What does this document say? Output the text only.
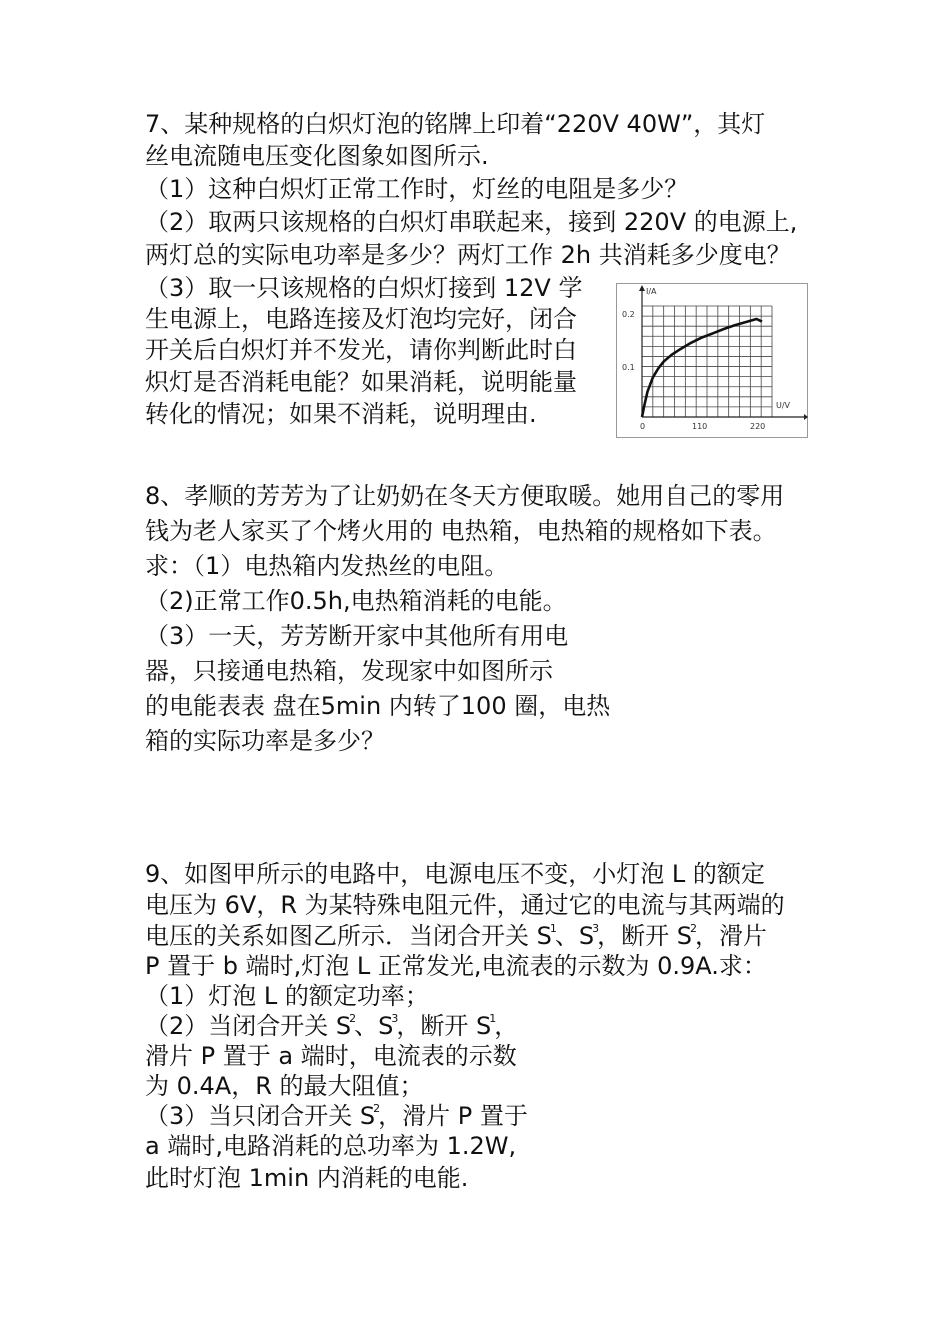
7、某种规格的白炽灯泡的铭牌上印着“220V 40W”，其灯
丝电流随电压变化图象如图所示.
（1）这种白炽灯正常工作时，灯丝的电阻是多少？
（2）取两只该规格的白炽灯串联起来，接到 220V 的电源上,
两灯总的实际电功率是多少？两灯工作 2h 共消耗多少度电？
（3）取一只该规格的白炽灯接到 12V 学
生电源上，电路连接及灯泡均完好，闭合
开关后白炽灯并不发光，请你判断此时白
炽灯是否消耗电能？如果消耗，说明能量
转化的情况；如果不消耗，说明理由.
I/A
U/V
0	110	220
0.1
0.2
8、孝顺的芳芳为了让奶奶在冬天方便取暖。她用自己的零用
钱为老人家买了个烤火用的 电热箱，电热箱的规格如下表。
求：（1）电热箱内发热丝的电阻。
（2)正常工作0.5h,电热箱消耗的电能。
（3）一天，芳芳断开家中其他所有用电
器，只接通电热箱，发现家中如图所示
的电能表表 盘在5min 内转了100 圈，电热
箱的实际功率是多少？
9、如图甲所示的电路中，电源电压不变，小灯泡 L 的额定
电压为 6V，R 为某特殊电阻元件，通过它的电流与其两端的
电压的关系如图乙所示．当闭合开关 $S^1$、$S^3$，断开 $S^2$，滑片
P 置于 b 端时,灯泡 L 正常发光,电流表的示数为 0.9A.求：
（1）灯泡 L 的额定功率；
（2）当闭合开关 $S^2$、$S^3$，断开 $S^1$，
滑片 P 置于 a 端时，电流表的示数
为 0.4A，R 的最大阻值；
（3）当只闭合开关 $S^2$，滑片 P 置于
a 端时,电路消耗的总功率为 1.2W,
此时灯泡 1min 内消耗的电能.
